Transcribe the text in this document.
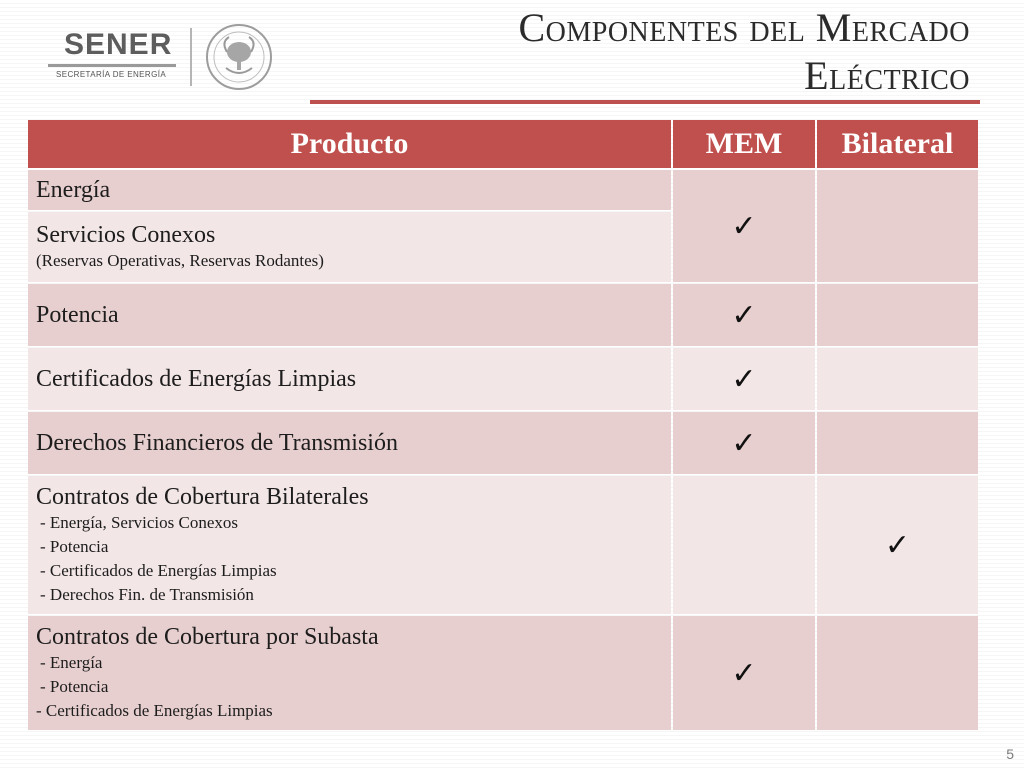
SENER
SECRETARÍA DE ENERGÍA
Componentes del Mercado
Eléctrico
Producto	MEM	Bilateral

Energía	✓	

Servicios Conexos
(Reservas Operativas, Reservas Rodantes)		

Potencia	✓	

Certificados de Energías Limpias	✓	

Derechos Financieros de Transmisión	✓	

Contratos de Cobertura Bilaterales
- Energía, Servicios Conexos
- Potencia
- Certificados de Energías Limpias
- Derechos Fin. de Transmisión		✓

Contratos de Cobertura por Subasta
- Energía
- Potencia
- Certificados de Energías Limpias	✓	
5
